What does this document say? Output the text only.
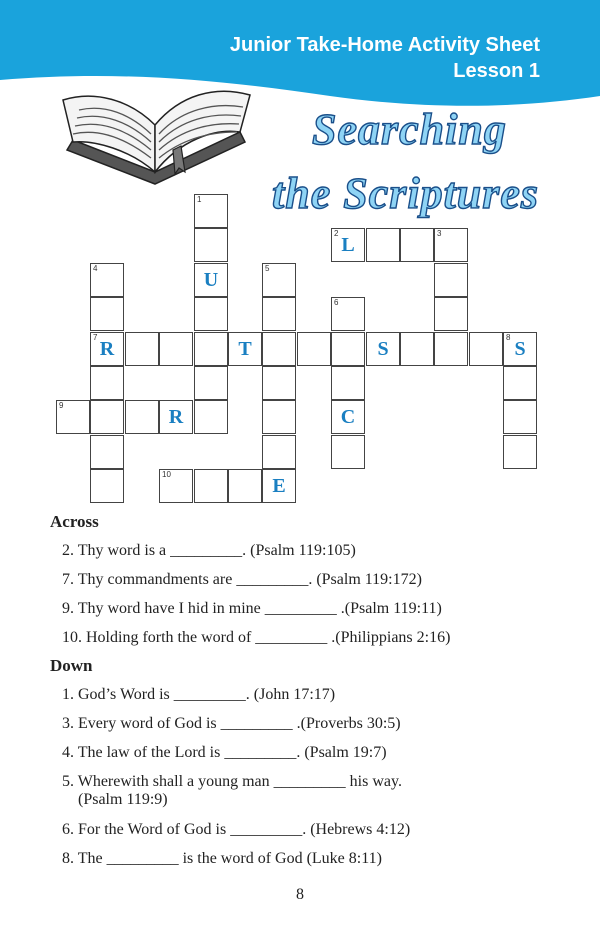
Junior Take-Home Activity Sheet
Lesson 1
Searching
the Scriptures
1
2
L
3
4
U
5
6
7
R	T	S
8
S
9
R	C
10
E
Across
2. Thy word is a _________. (Psalm 119:105)
7. Thy commandments are _________. (Psalm 119:172)
9. Thy word have I hid in mine _________ .(Psalm 119:11)
10. Holding forth the word of _________ .(Philippians 2:16)
Down
1. God’s Word is _________. (John 17:17)
3. Every word of God is _________ .(Proverbs 30:5)
4. The law of the Lord is _________. (Psalm 19:7)
5. Wherewith shall a young man _________ his way.
(Psalm 119:9)
6. For the Word of God is _________. (Hebrews 4:12)
8. The _________ is the word of God (Luke 8:11)
8
